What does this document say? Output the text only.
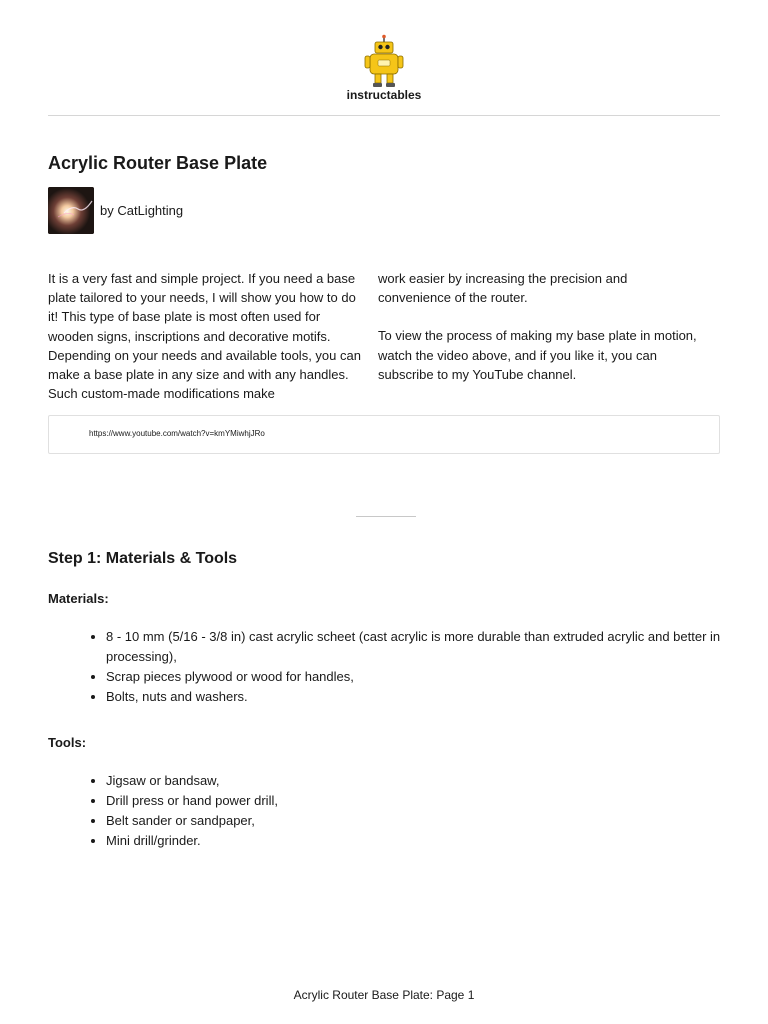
instructables
Acrylic Router Base Plate
by CatLighting

It is a very fast and simple project. If you need a base plate tailored to your needs, I will show you how to do it! This type of base plate is most often used for wooden signs, inscriptions and decorative motifs. Depending on your needs and available tools, you can make a base plate in any size and with any handles. Such custom-made modifications make

work easier by increasing the precision and convenience of the router.

To view the process of making my base plate in motion, watch the video above, and if you like it, you can subscribe to my YouTube channel.

https://www.youtube.com/watch?v=kmYMiwhjJRo
Step 1: Materials & Tools
Materials:
• 8 - 10 mm (5/16 - 3/8 in) cast acrylic scheet (cast acrylic is more durable than extruded acrylic and better in processing),
• Scrap pieces plywood or wood for handles,
• Bolts, nuts and washers.
Tools:
• Jigsaw or bandsaw,
• Drill press or hand power drill,
• Belt sander or sandpaper,
• Mini drill/grinder.
Acrylic Router Base Plate: Page 1
